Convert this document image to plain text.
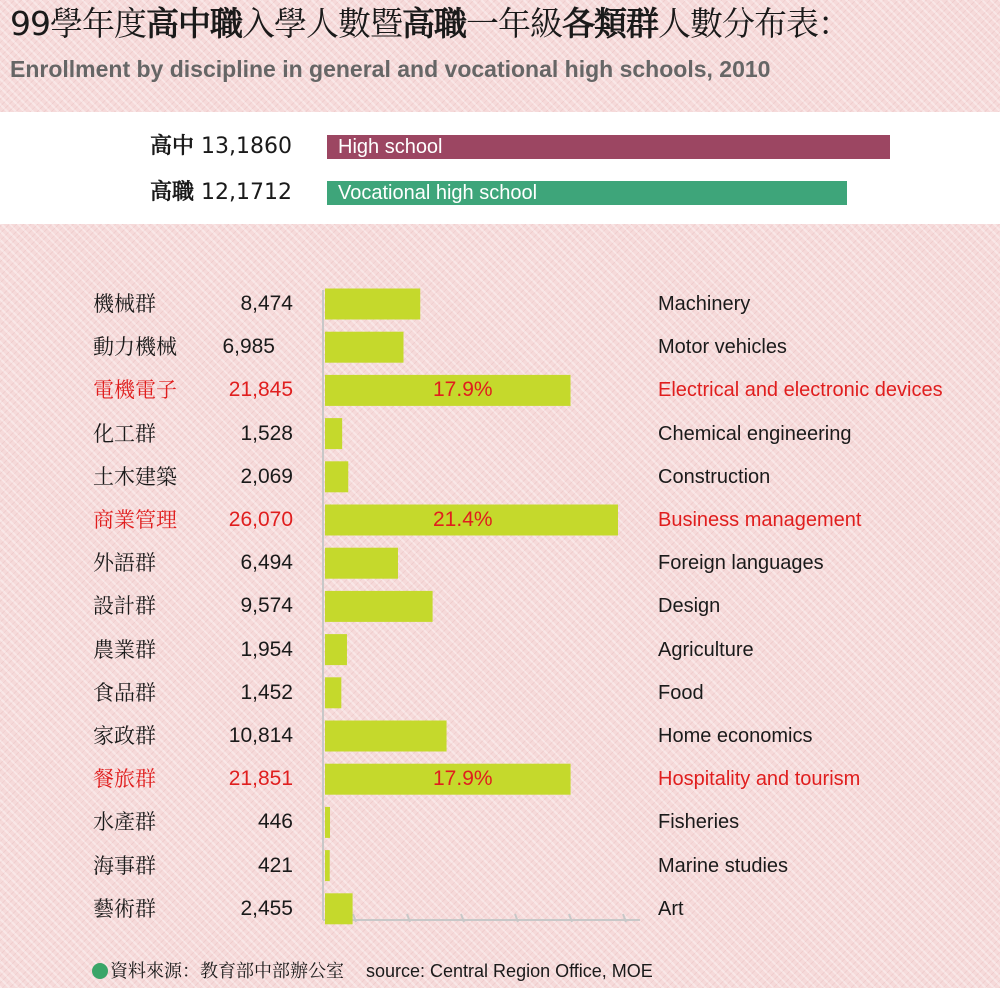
99學年度高中職入學人數暨高職一年級各類群人數分布表：
Enrollment by discipline in general and vocational high schools, 2010
高中 13,1860	High school
高職 12,1712	Vocational high school
機械群	8,474	Machinery
動力機械 6,985	Motor vehicles
電機電子 21,845	Electrical and electronic devices
17.9%
化工群	1,528	Chemical engineering
土木建築	2,069	Construction
商業管理 26,070	Business management
21.4%
外語群	6,494	Foreign languages
設計群	9,574	Design
農業群	1,954	Agriculture
食品群	1,452	Food
家政群	10,814	Home economics
餐旅群	21,851	Hospitality and tourism
17.9%
水產群	446	Fisheries
海事群	421	Marine studies
藝術群	2,455	Art
資料來源：教育部中部辦公室 source: Central Region Office, MOE
